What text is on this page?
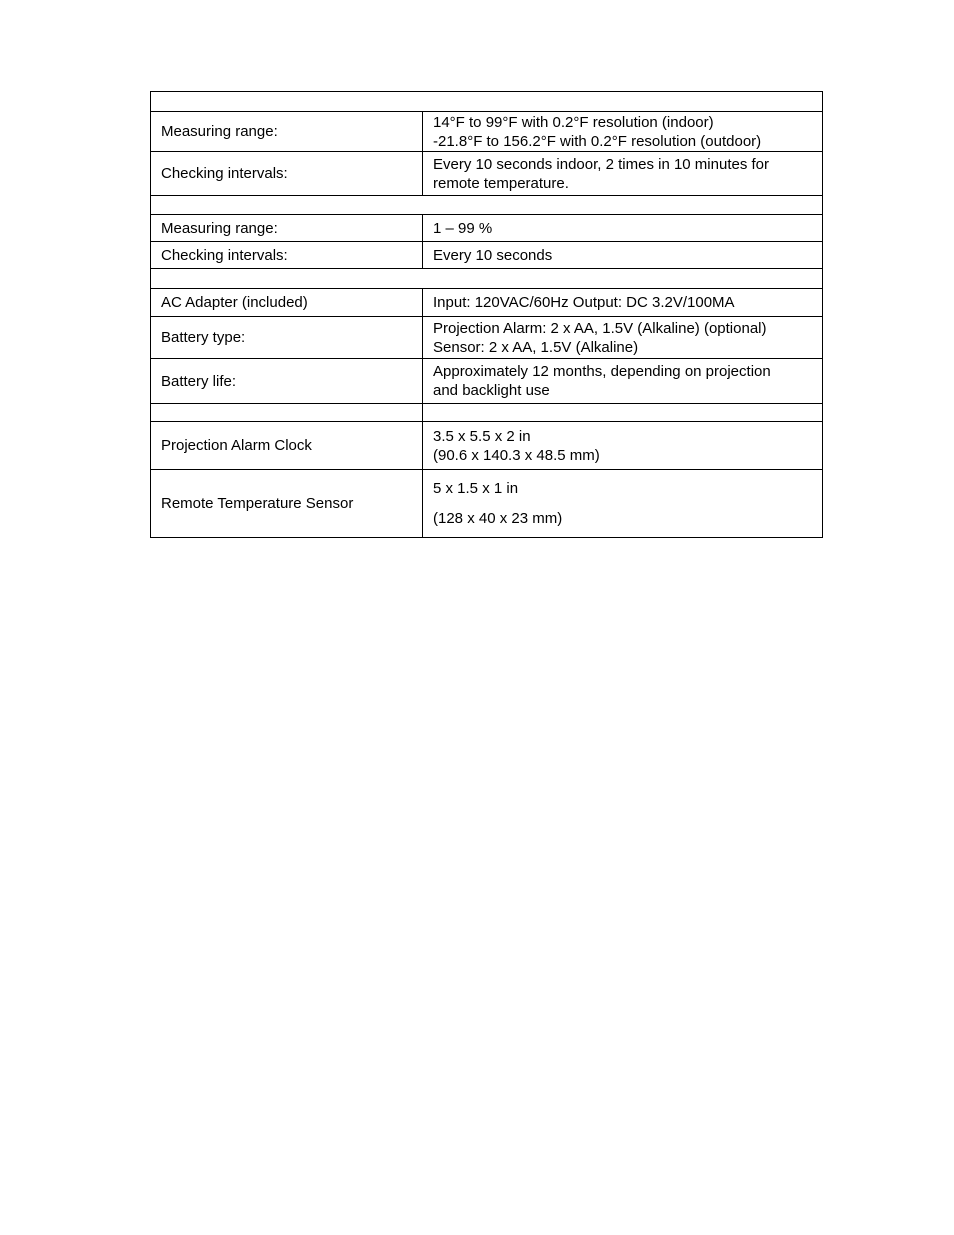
Measuring range:	14°F to 99°F with 0.2°F resolution (indoor)
-21.8°F to 156.2°F with 0.2°F resolution (outdoor)

Checking intervals:	Every 10 seconds indoor, 2 times in 10 minutes for
remote temperature.

Measuring range:	1 – 99 %

Checking intervals:	Every 10 seconds

AC Adapter (included)	Input: 120VAC/60Hz Output: DC 3.2V/100MA

Battery type:	Projection Alarm: 2 x AA, 1.5V (Alkaline) (optional)
Sensor: 2 x AA, 1.5V (Alkaline)

Battery life:	Approximately 12 months, depending on projection
and backlight use

Projection Alarm Clock	3.5 x 5.5 x 2 in
(90.6 x 140.3 x 48.5 mm)

Remote Temperature Sensor	5 x 1.5 x 1 in
(128 x 40 x 23 mm)
